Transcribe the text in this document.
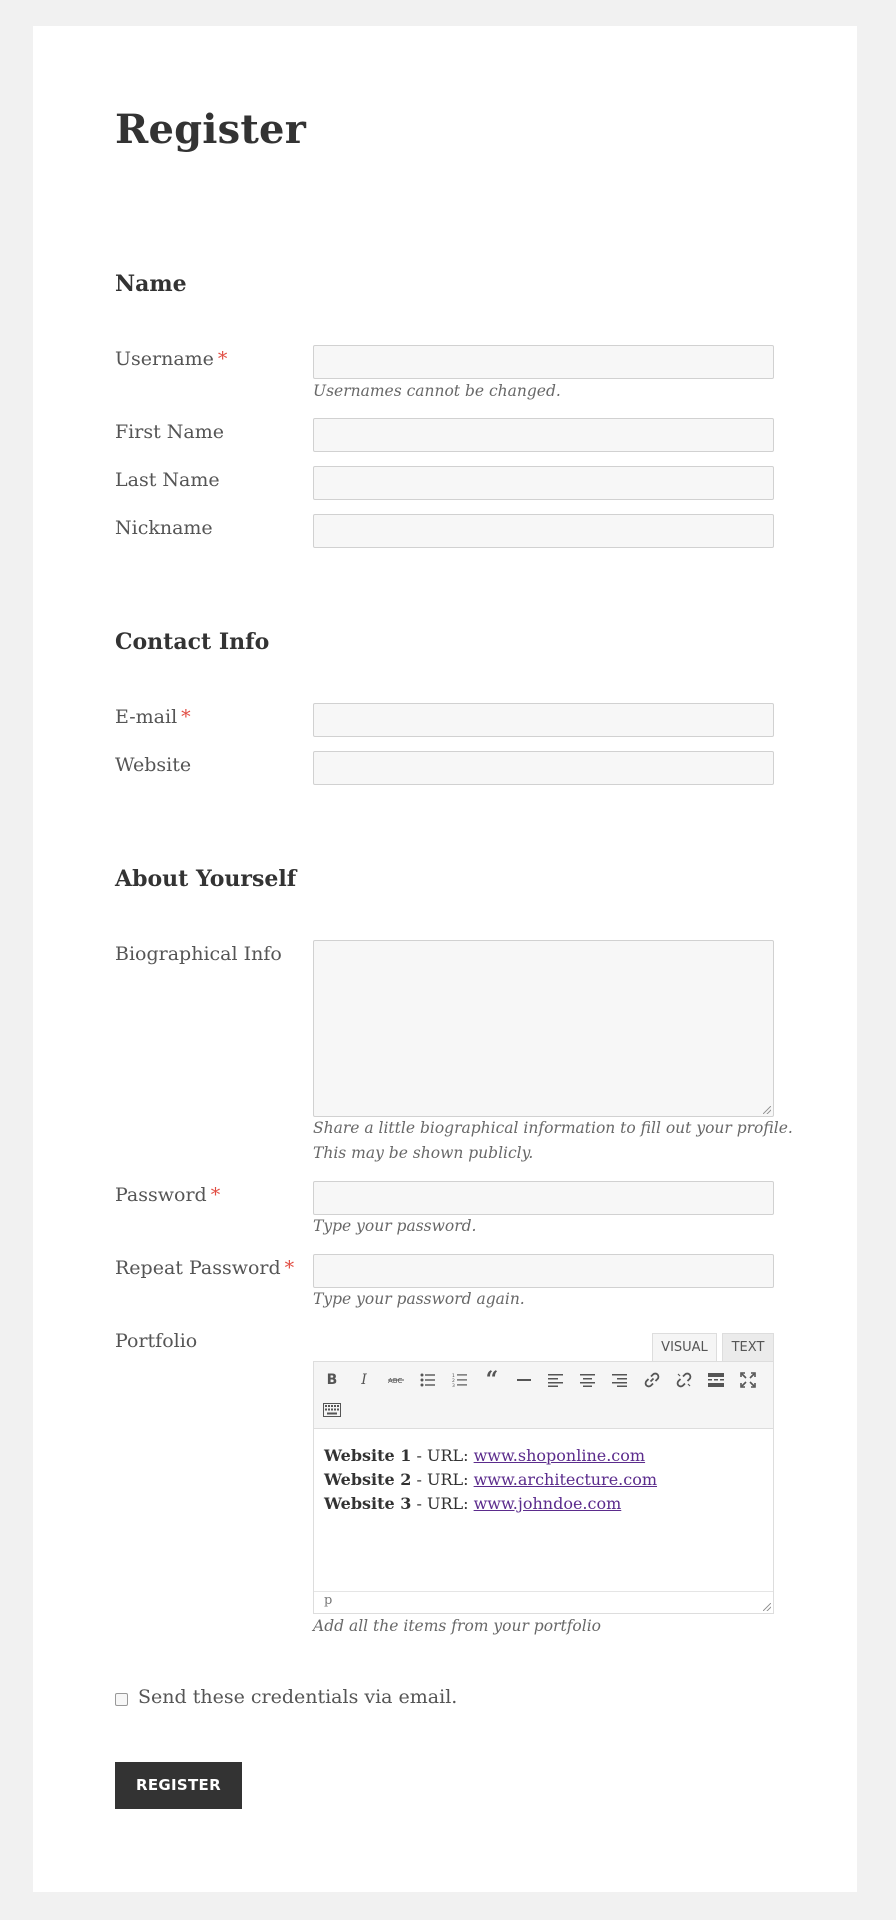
Register
Name
Username *
Usernames cannot be changed.
First Name
Last Name
Nickname
Contact Info
E-mail *
Website
About Yourself
Biographical Info
Share a little biographical information to fill out your profile.
This may be shown publicly.
Password *
Type your password.
Repeat Password *
Type your password again.
Portfolio	VISUAL	TEXT
B	I	ABC
1
2
3 “
Website 1 - URL: www.shoponline.com
Website 2 - URL: www.architecture.com
Website 3 - URL: www.johndoe.com
p
Add all the items from your portfolio
Send these credentials via email.
REGISTER
